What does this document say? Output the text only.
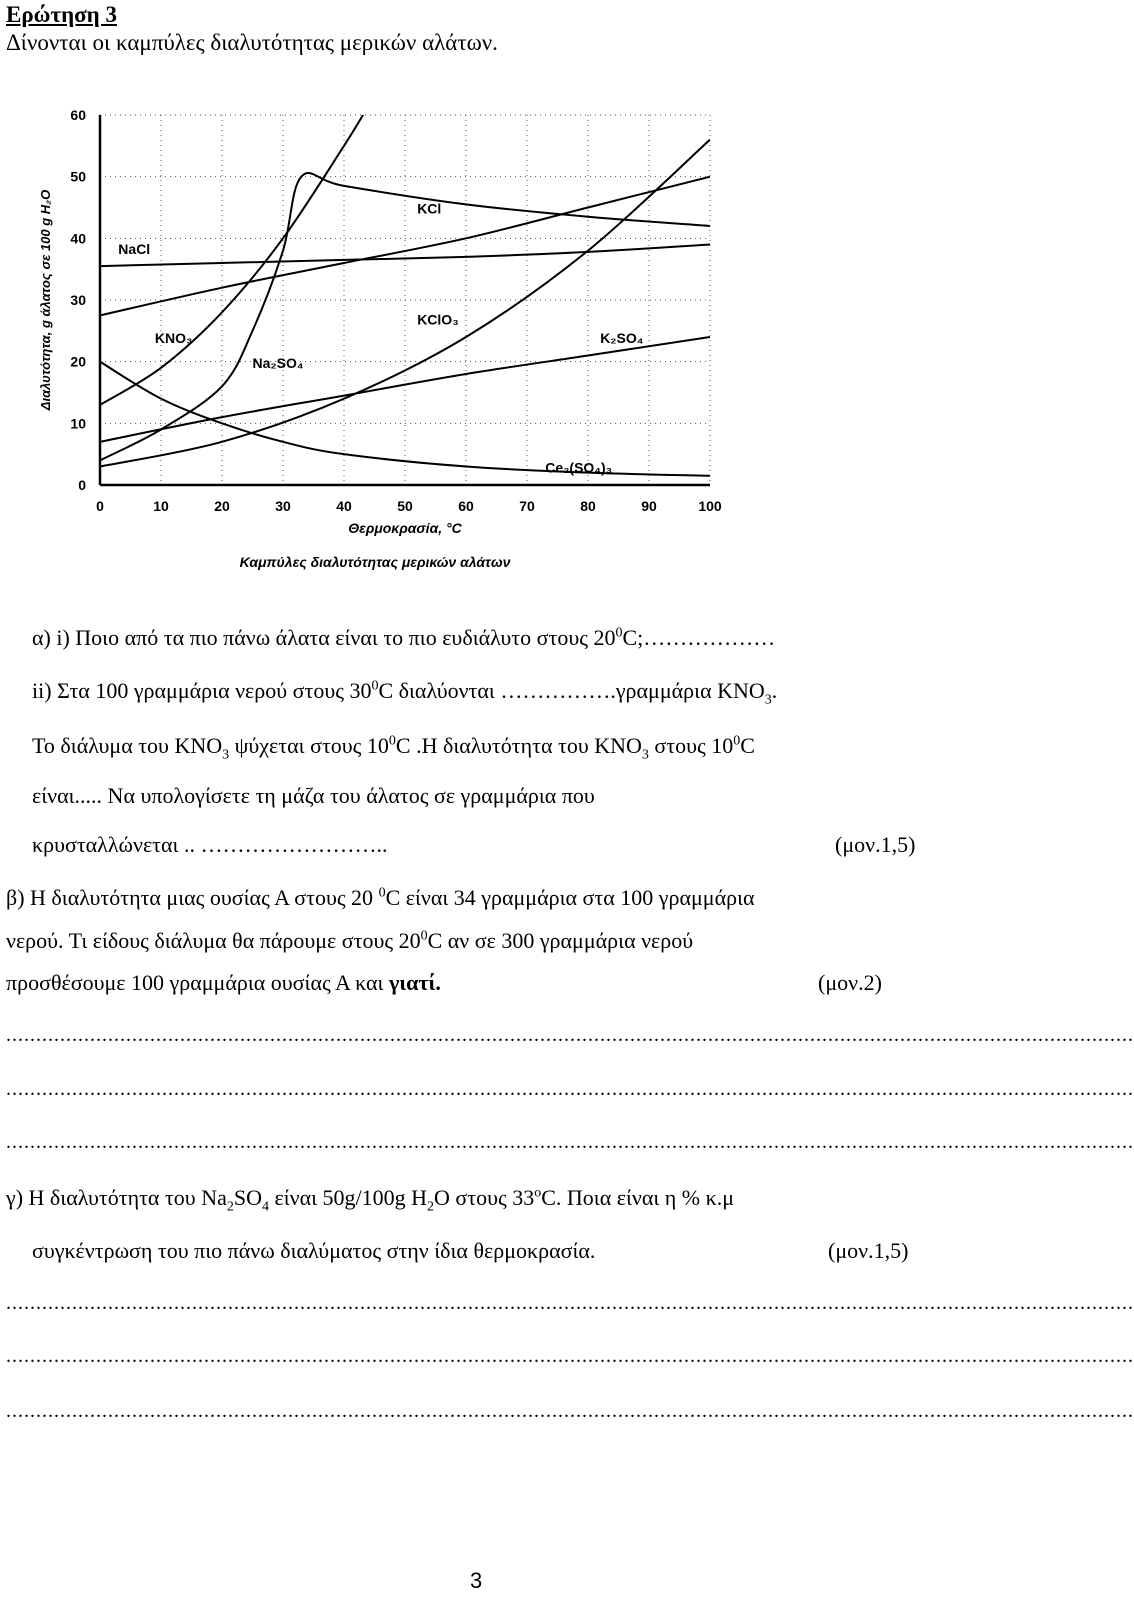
Ερώτηση 3
Δίνονται οι καμπύλες διαλυτότητας μερικών αλάτων.
0	10	20	30	40	50	60	70	80	90	100
0
10
20
30
40
50
60
NaCl
KCl
KNO₃
Na₂SO₄
KClO₃
K₂SO₄
Ce₂(SO₄)₃
Θερμοκρασία, °C
Διαλυτότητα, g άλατος σε 100 g H₂O
Καμπύλες διαλυτότητας μερικών αλάτων
α) i) Ποιο από τα πιο πάνω άλατα είναι το πιο ευδιάλυτο στους $20^0C;\dots\dots\dots\dots\dots\dots$
ii) Στα 100 γραμμάρια νερού στους $30^0C$ διαλύονται …………….γραμμάρια $KNO_3$.
Το διάλυμα του $KNO_3$ ψύχεται στους $10^0C$ .Η διαλυτότητα του $KNO_3$ στους $10^0C$
είναι..... Να υπολογίσετε τη μάζα του άλατος σε γραμμάρια που
κρυσταλλώνεται .. ……………………..	(μον.1,5)
β) Η διαλυτότητα μιας ουσίας Α στους 20 $^0$C είναι 34 γραμμάρια στα 100 γραμμάρια
νερού. Τι είδους διάλυμα θα πάρουμε στους $20^0C$ αν σε 300 γραμμάρια νερού
προσθέσουμε 100 γραμμάρια ουσίας Α και γιατί.	(μον.2)
............................................................................................................................................................................................
............................................................................................................................................................................................
............................................................................................................................................................................................
γ) Η διαλυτότητα του $Na_2SO_4$ είναι 50g/100g $H_2O$ στους 33$^o$C. Ποια είναι η % κ.μ
συγκέντρωση του πιο πάνω διαλύματος στην ίδια θερμοκρασία.	(μον.1,5)
............................................................................................................................................................................................
............................................................................................................................................................................................
............................................................................................................................................................................................
3
